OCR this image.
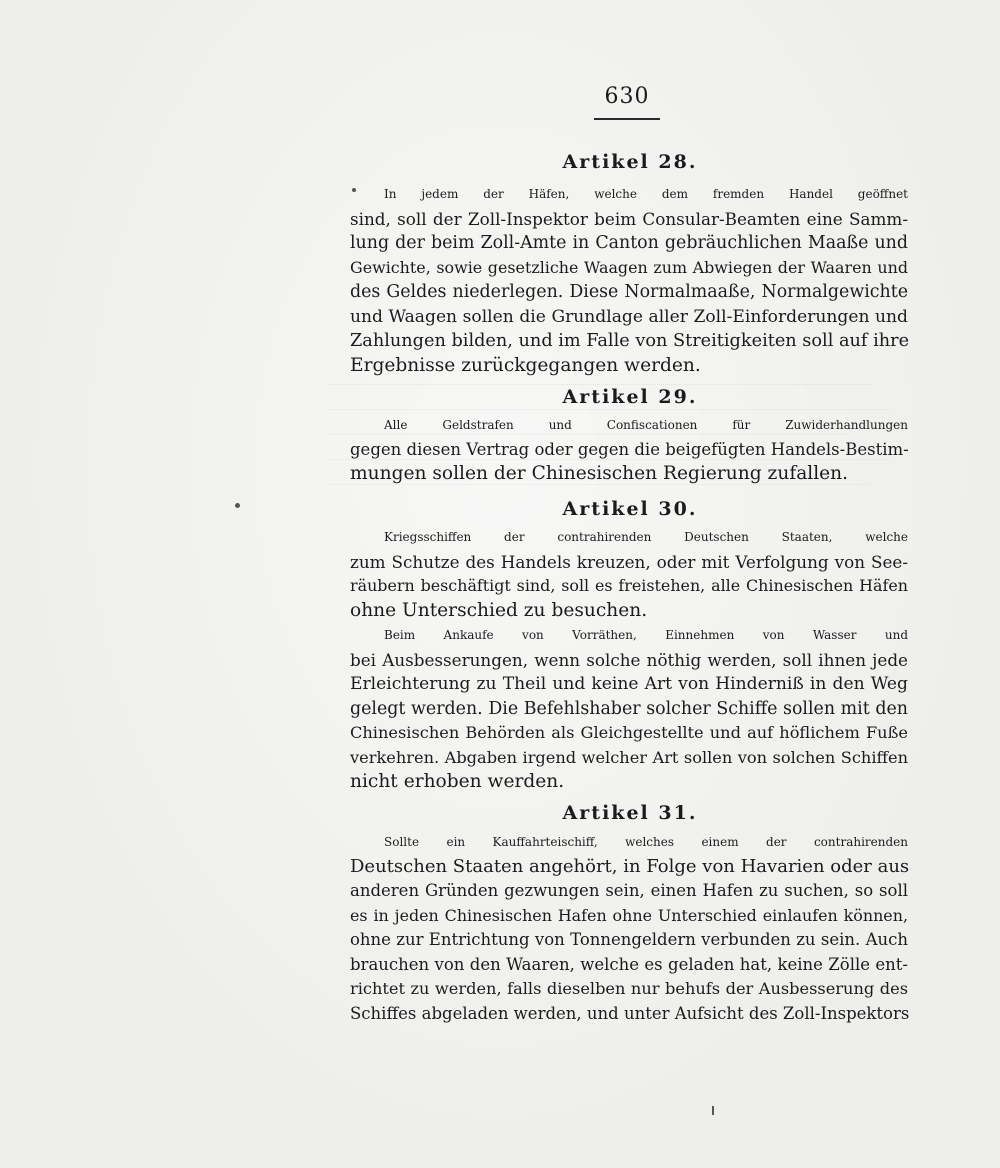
630
Artikel 28.
In jedem der Häfen, welche dem fremden Handel geöffnet
sind, soll der Zoll-Inspektor beim Consular-Beamten eine Samm-
lung der beim Zoll-Amte in Canton gebräuchlichen Maaße und
Gewichte, sowie gesetzliche Waagen zum Abwiegen der Waaren und
des Geldes niederlegen. Diese Normalmaaße, Normalgewichte
und Waagen sollen die Grundlage aller Zoll-Einforderungen und
Zahlungen bilden, und im Falle von Streitigkeiten soll auf ihre
Ergebnisse zurückgegangen werden.
Artikel 29.
Alle Geldstrafen und Confiscationen für Zuwiderhandlungen
gegen diesen Vertrag oder gegen die beigefügten Handels-Bestim-
mungen sollen der Chinesischen Regierung zufallen.
Artikel 30.
Kriegsschiffen der contrahirenden Deutschen Staaten, welche
zum Schutze des Handels kreuzen, oder mit Verfolgung von See-
räubern beschäftigt sind, soll es freistehen, alle Chinesischen Häfen
ohne Unterschied zu besuchen.
Beim Ankaufe von Vorräthen, Einnehmen von Wasser und
bei Ausbesserungen, wenn solche nöthig werden, soll ihnen jede
Erleichterung zu Theil und keine Art von Hinderniß in den Weg
gelegt werden. Die Befehlshaber solcher Schiffe sollen mit den
Chinesischen Behörden als Gleichgestellte und auf höflichem Fuße
verkehren. Abgaben irgend welcher Art sollen von solchen Schiffen
nicht erhoben werden.
Artikel 31.
Sollte ein Kauffahrteischiff, welches einem der contrahirenden
Deutschen Staaten angehört, in Folge von Havarien oder aus
anderen Gründen gezwungen sein, einen Hafen zu suchen, so soll
es in jeden Chinesischen Hafen ohne Unterschied einlaufen können,
ohne zur Entrichtung von Tonnengeldern verbunden zu sein. Auch
brauchen von den Waaren, welche es geladen hat, keine Zölle ent-
richtet zu werden, falls dieselben nur behufs der Ausbesserung des
Schiffes abgeladen werden, und unter Aufsicht des Zoll-Inspektors
